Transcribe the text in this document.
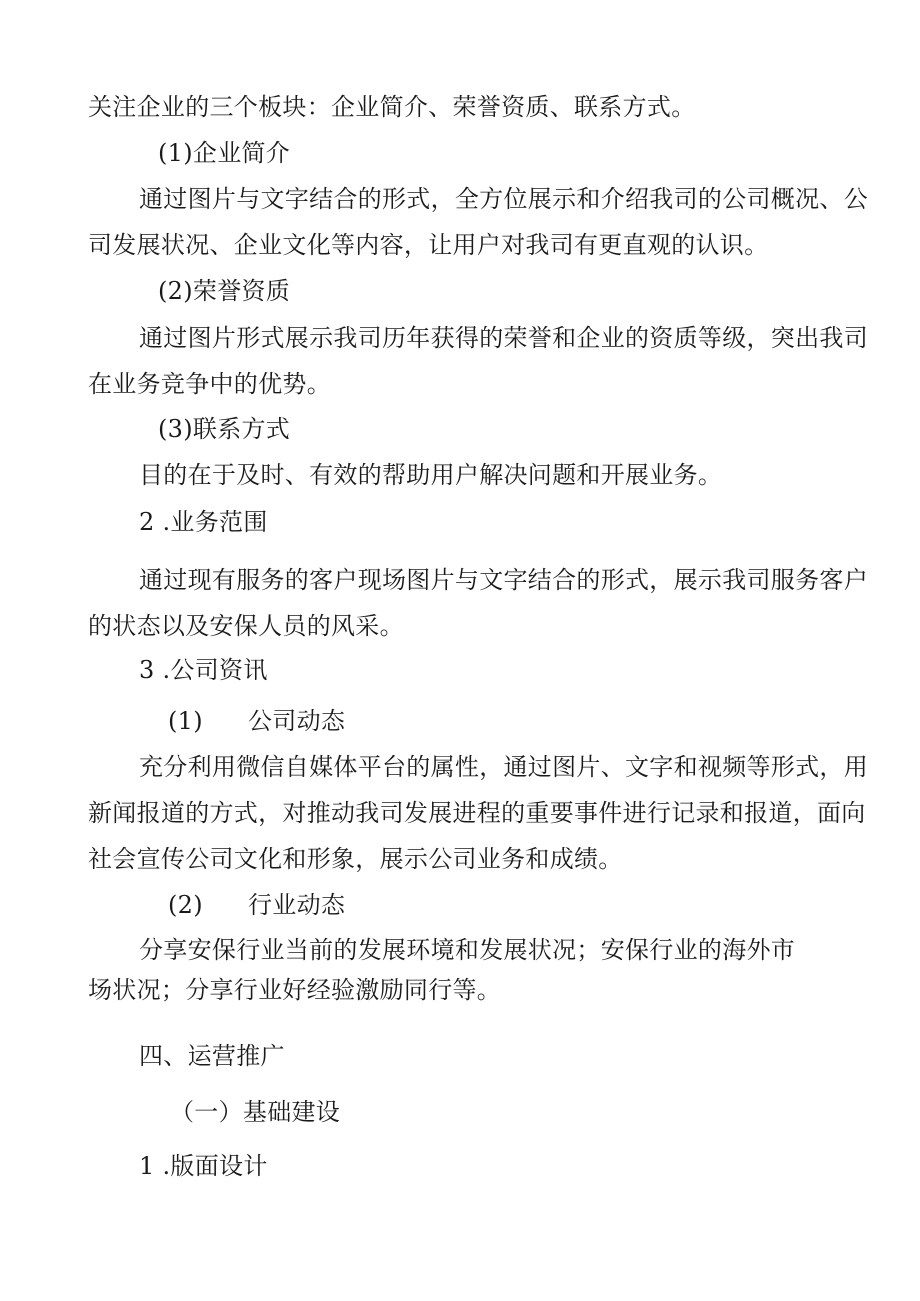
关注企业的三个板块：企业简介、荣誉资质、联系方式。
(1)企业简介
通过图片与文字结合的形式，全方位展示和介绍我司的公司概况、公
司发展状况、企业文化等内容，让用户对我司有更直观的认识。
(2)荣誉资质
通过图片形式展示我司历年获得的荣誉和企业的资质等级，突出我司
在业务竞争中的优势。
(3)联系方式
目的在于及时、有效的帮助用户解决问题和开展业务。
2 .业务范围
通过现有服务的客户现场图片与文字结合的形式，展示我司服务客户
的状态以及安保人员的风采。
3 .公司资讯
(1) 公司动态
充分利用微信自媒体平台的属性，通过图片、文字和视频等形式，用
新闻报道的方式，对推动我司发展进程的重要事件进行记录和报道，面向
社会宣传公司文化和形象，展示公司业务和成绩。
(2) 行业动态
分享安保行业当前的发展环境和发展状况；安保行业的海外市
场状况；分享行业好经验激励同行等。
四、运营推广
（一）基础建设
1 .版面设计
